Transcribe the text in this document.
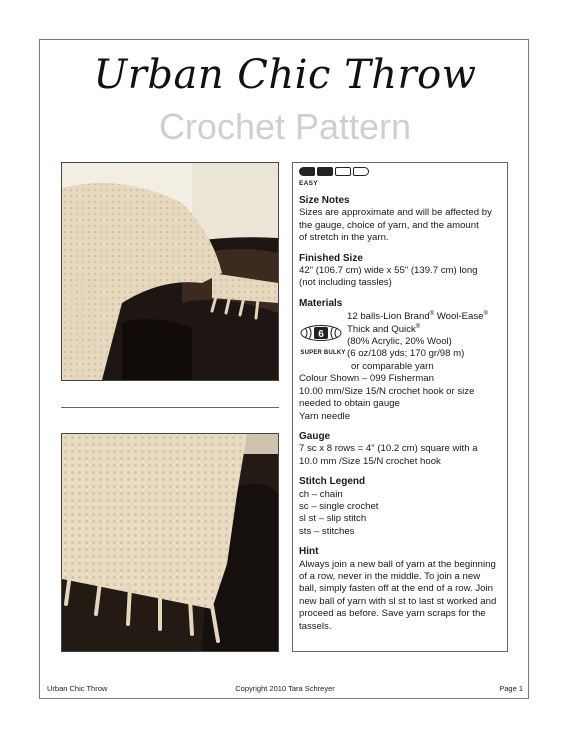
Urban Chic Throw
Crochet Pattern
EASY
Size Notes
Sizes are approximate and will be affected by
the gauge, choice of yarn, and the amount
of stretch in the yarn.
Finished Size
42" (106.7 cm) wide x 55" (139.7 cm) long
(not including tassles)
Materials
6
SUPER BULKY
12 balls-Lion Brand® Wool-Ease®
Thick and Quick®
(80% Acrylic, 20% Wool)
(6 oz/108 yds; 170 gr/98 m)
or comparable yarn
Colour Shown – 099 Fisherman
10.00 mm/Size 15/N crochet hook or size
needed to obtain gauge
Yarn needle
Gauge
7 sc x 8 rows = 4" (10.2 cm) square with a
10.0 mm /Size 15/N crochet hook
Stitch Legend
ch – chain
sc – single crochet
sl st – slip stitch
sts – stitches
Hint
Always join a new ball of yarn at the beginning
of a row, never in the middle. To join a new
ball, simply fasten off at the end of a row. Join
new ball of yarn with sl st to last st worked and
proceed as before. Save yarn scraps for the
tassels.
Urban Chic Throw	Copyright 2010 Tara Schreyer	Page 1
